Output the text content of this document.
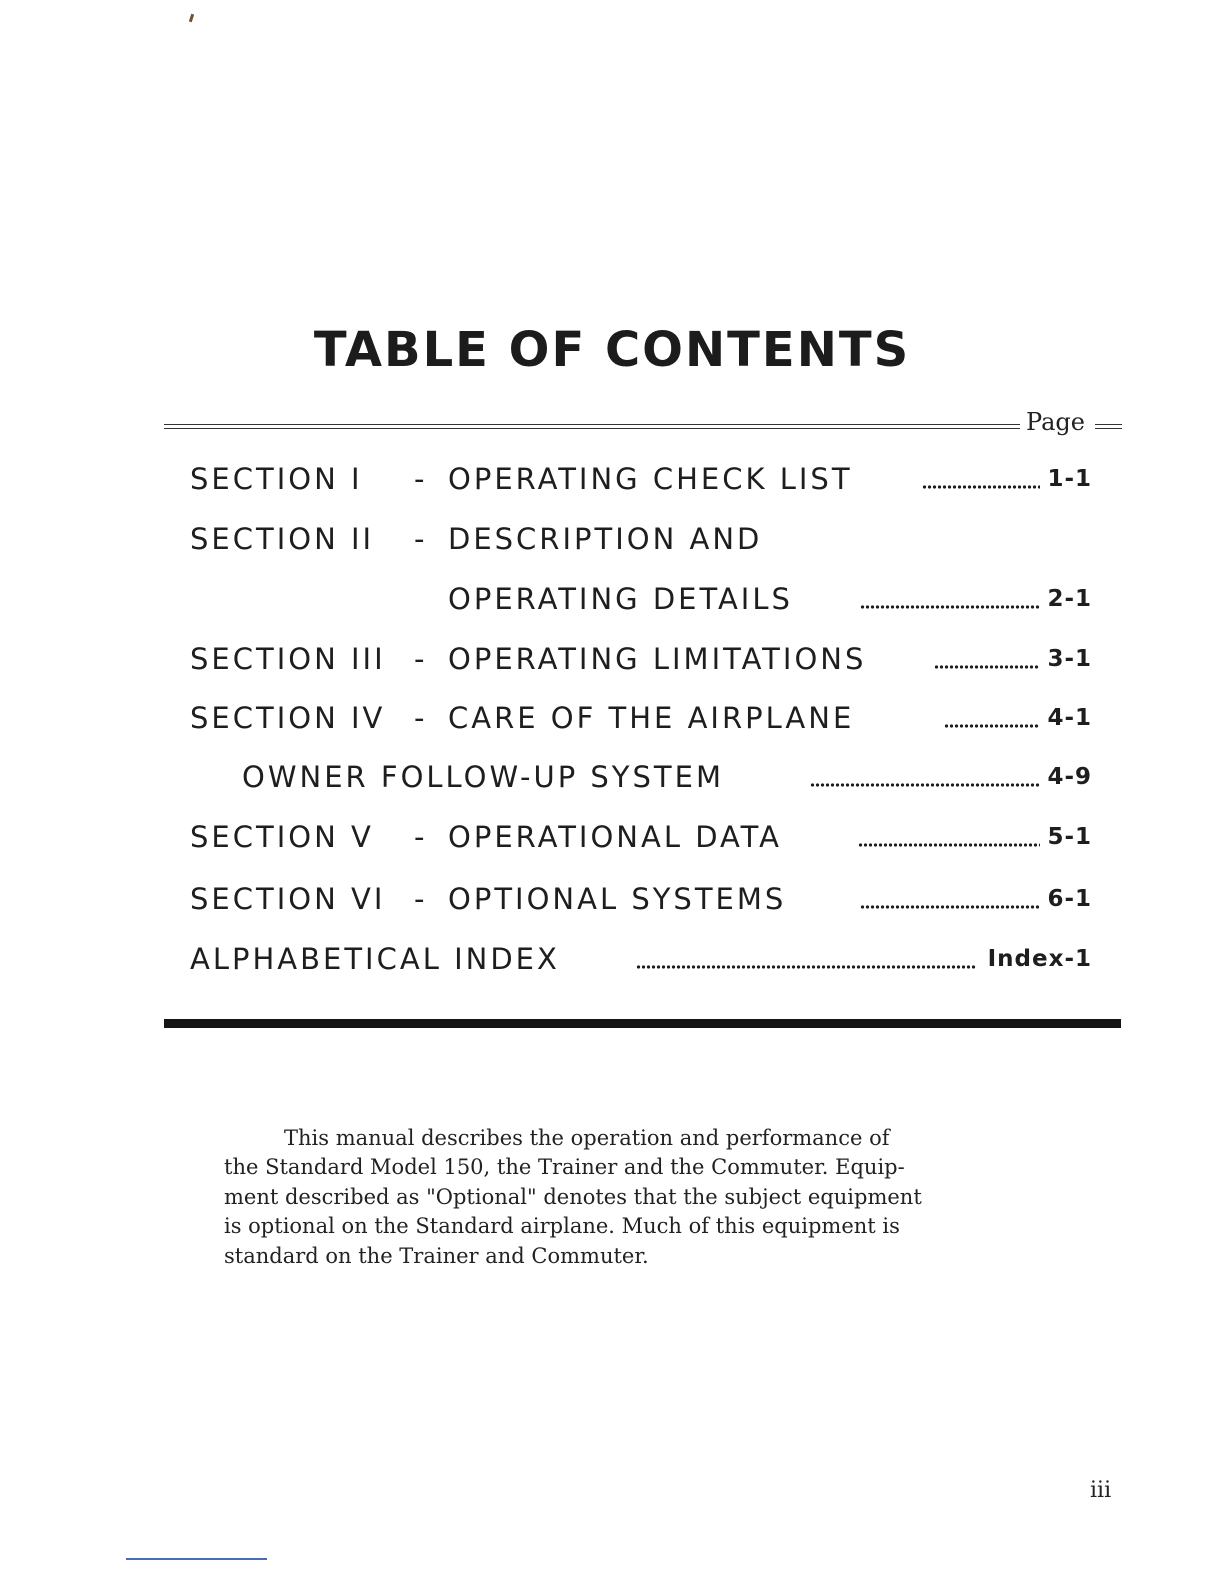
TABLE OF CONTENTS
Page
SECTION I - OPERATING CHECK LIST	1-1
SECTION II - DESCRIPTION AND
OPERATING DETAILS	2-1
SECTION III - OPERATING LIMITATIONS	3-1
SECTION IV - CARE OF THE AIRPLANE	4-1
OWNER FOLLOW-UP SYSTEM	4-9
SECTION V - OPERATIONAL DATA	5-1
SECTION VI - OPTIONAL SYSTEMS	6-1
ALPHABETICAL INDEX	Index-1
This manual describes the operation and performance of
the Standard Model 150, the Trainer and the Commuter. Equip-
ment described as "Optional" denotes that the subject equipment
is optional on the Standard airplane. Much of this equipment is
standard on the Trainer and Commuter.
iii
